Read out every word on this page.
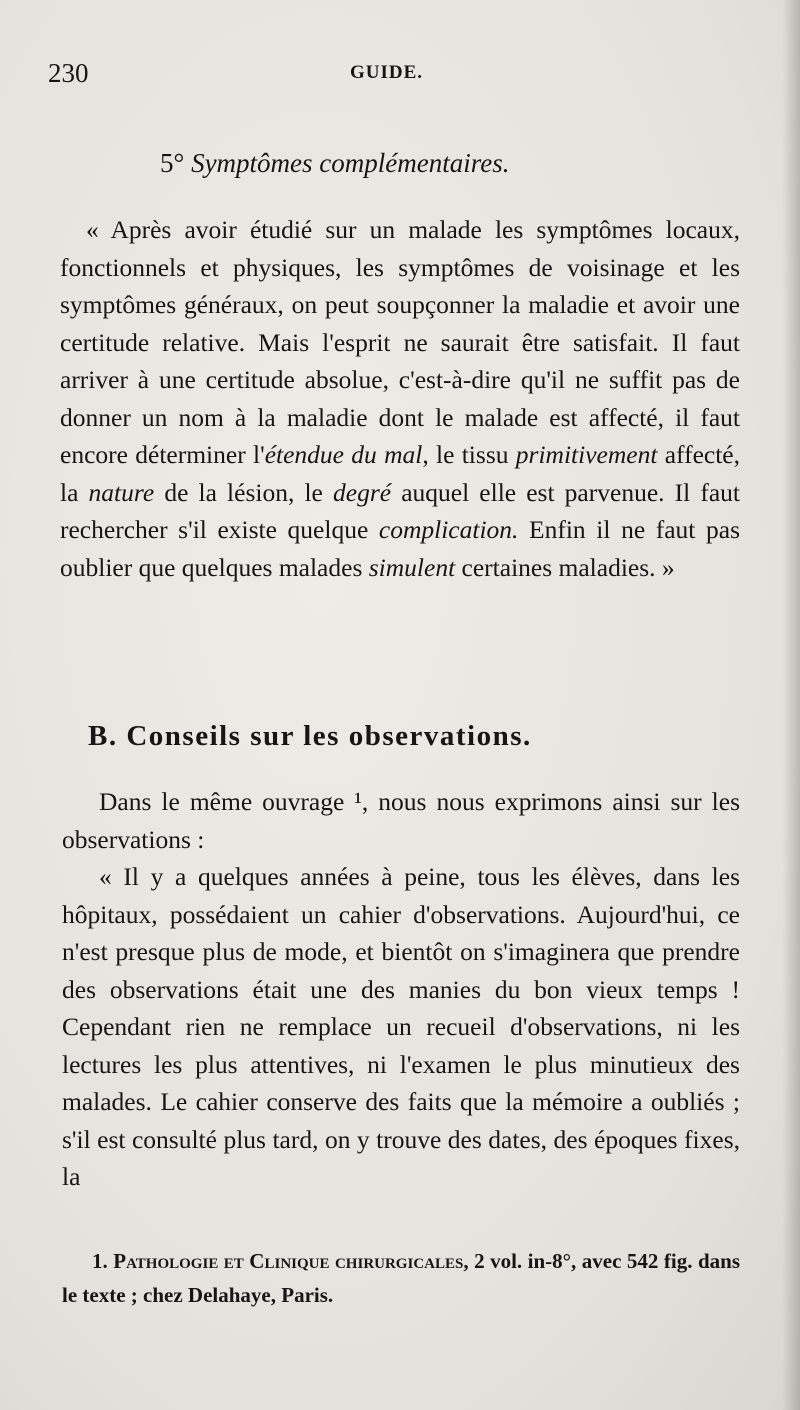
230	GUIDE.
5° Symptômes complémentaires.

« Après avoir étudié sur un malade les symptômes locaux, fonctionnels et physiques, les symptômes de voisinage et les symptômes généraux, on peut soupçonner la maladie et avoir une certitude relative. Mais l'esprit ne saurait être satisfait. Il faut arriver à une certitude absolue, c'est-à-dire qu'il ne suffit pas de donner un nom à la maladie dont le malade est affecté, il faut encore déterminer l'étendue du mal, le tissu primitivement affecté, la nature de la lésion, le degré auquel elle est parvenue. Il faut rechercher s'il existe quelque complication. Enfin il ne faut pas oublier que quelques malades simulent certaines maladies. »

B. Conseils sur les observations.

Dans le même ouvrage ¹, nous nous exprimons ainsi sur les observations :

« Il y a quelques années à peine, tous les élèves, dans les hôpitaux, possédaient un cahier d'observations. Aujourd'hui, ce n'est presque plus de mode, et bientôt on s'imaginera que prendre des observations était une des manies du bon vieux temps ! Cependant rien ne remplace un recueil d'observations, ni les lectures les plus attentives, ni l'examen le plus minutieux des malades. Le cahier conserve des faits que la mémoire a oubliés ; s'il est consulté plus tard, on y trouve des dates, des époques fixes, la

1. Pathologie et Clinique chirurgicales, 2 vol. in-8°, avec 542 fig. dans le texte ; chez Delahaye, Paris.
